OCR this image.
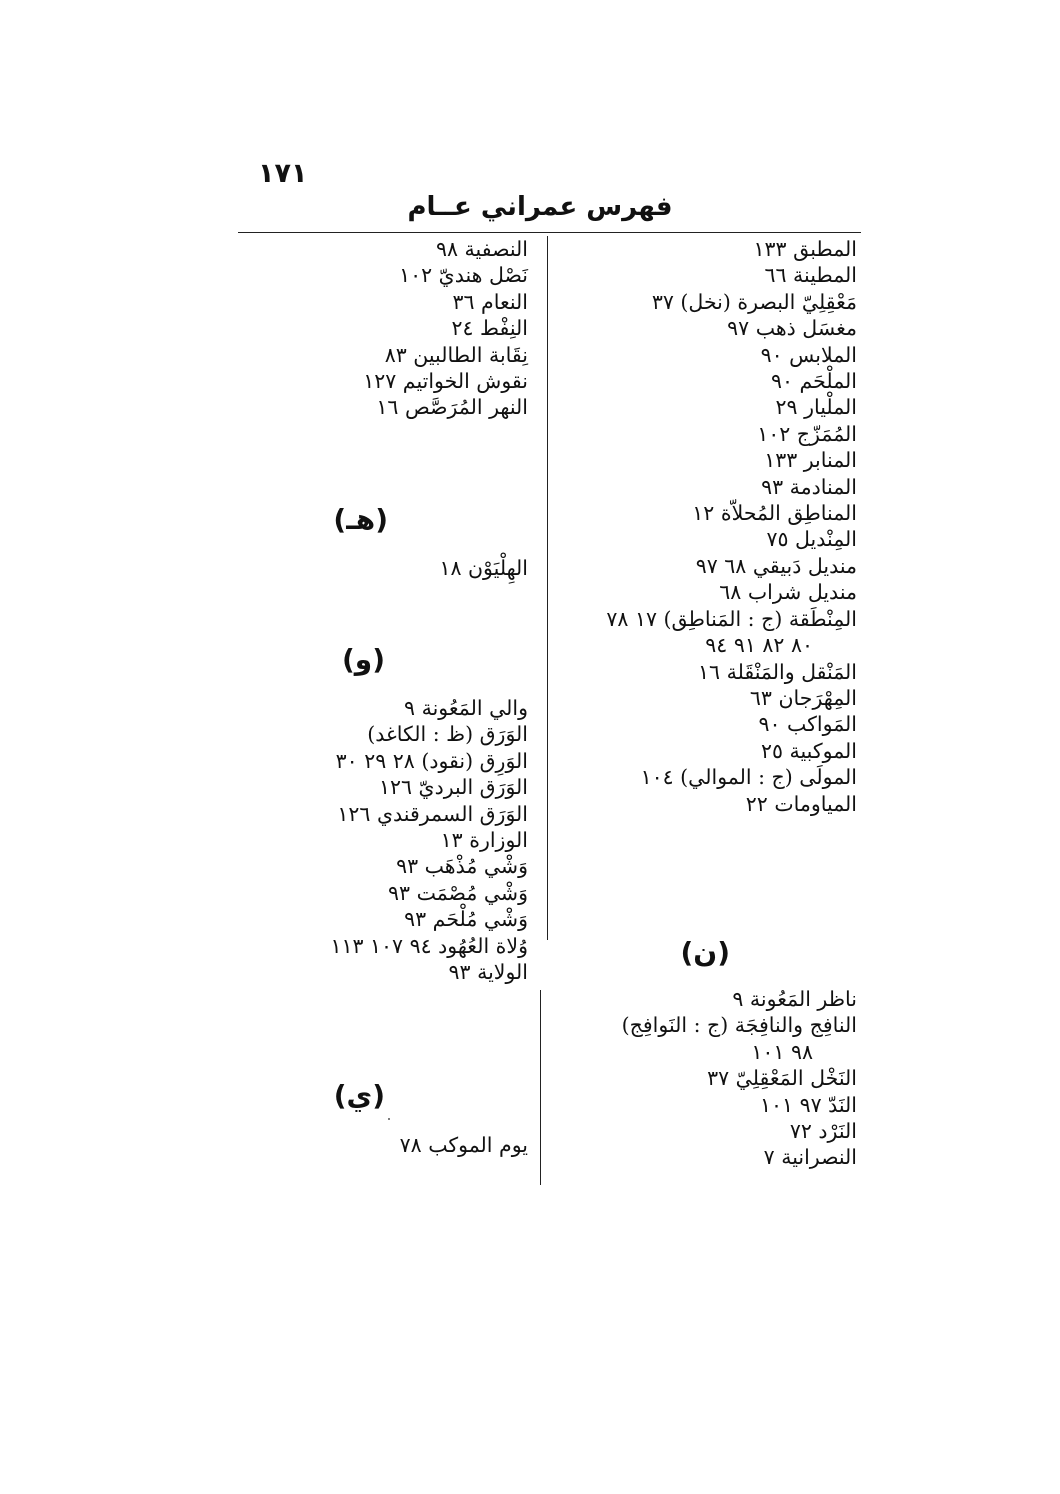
١٧١
فهرس عمراني عــام
المطبق ١٣٣
المطينة ٦٦
مَعْقِلِيّ البصرة (نخل) ٣٧
مغسَل ذهب ٩٧
الملابس ٩٠
الملْحَم ٩٠
الملْيار ٢٩
المُمَزّج ١٠٢
المنابر ١٣٣
المنادمة ٩٣
المناطِق المُحلاّة ١٢
المِنْديل ٧٥
منديل دَبيقي ٦٨ ٩٧
منديل شراب ٦٨
المِنْطَقة (ج : المَناطِق) ١٧ ٧٨
٨٠ ٨٢ ٩١ ٩٤
المَنْقل والمَنْقَلة ١٦
المِهْرَجان ٦٣
المَواكب ٩٠
الموكبية ٢٥
المولَى (ج : الموالي) ١٠٤
المياومات ٢٢
(ن)
ناظر المَعُونة ٩
النافِج والنافِجَة (ج : النَوافِج)
٩٨ ١٠١
النَخْل المَعْقِلِيّ ٣٧
النَدّ ٩٧ ١٠١
النَرْد ٧٢
النصرانية ٧
النصفية ٩٨
نَصْل هنديّ ١٠٢
النعام ٣٦
النِفْط ٢٤
نِقَابة الطالبين ٨٣
نقوش الخواتيم ١٢٧
النهر المُرَصَّص ١٦
(هـ)
الهِلْيَوْن ١٨
(و)
والي المَعُونة ٩
الوَرَق (ظ : الكاغد)
الوَرِق (نقود) ٢٨ ٢٩ ٣٠
الوَرَق البرديّ ١٢٦
الوَرَق السمرقندي ١٢٦
الوزارة ١٣
وَشْي مُذْهَب ٩٣
وَشْي مُصْمَت ٩٣
وَشْي مُلْحَم ٩٣
وُلاة العُهُود ٩٤ ١٠٧ ١١٣
الولاية ٩٣
(ي)
يوم الموكب ٧٨
